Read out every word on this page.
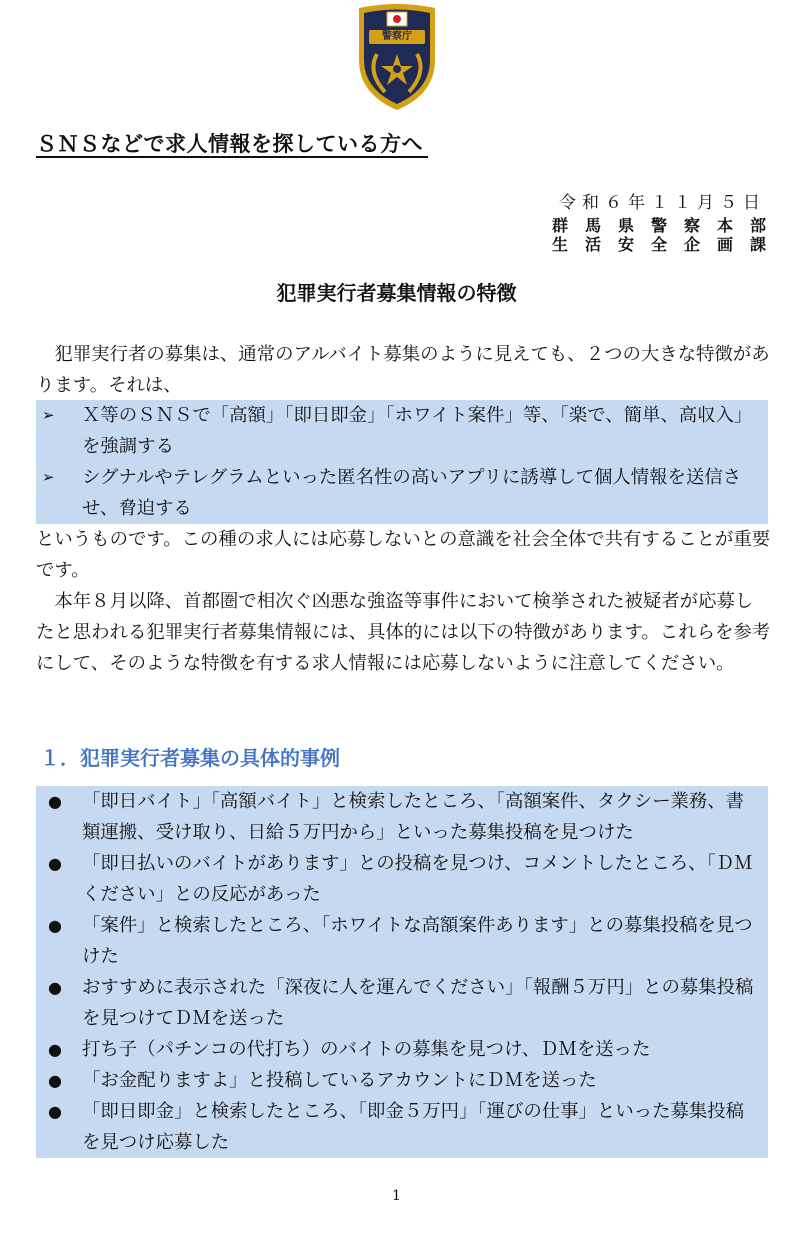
警察庁
ＳＮＳなどで求人情報を探している方へ
令和６年１１月５日
群馬県警察本部
生活安全企画課
犯罪実行者募集情報の特徴

　犯罪実行者の募集は、通常のアルバイト募集のように見えても、２つの大きな特徴があります。それは、

➢ Ｘ等のＳＮＳで「高額」「即日即金」「ホワイト案件」等、「楽で、簡単、高収入」を強調する
➢ シグナルやテレグラムといった匿名性の高いアプリに誘導して個人情報を送信させ、脅迫する

というものです。この種の求人には応募しないとの意識を社会全体で共有することが重要です。

　本年８月以降、首都圏で相次ぐ凶悪な強盗等事件において検挙された被疑者が応募したと思われる犯罪実行者募集情報には、具体的には以下の特徴があります。これらを参考にして、そのような特徴を有する求人情報には応募しないように注意してください。

１．犯罪実行者募集の具体的事例
● 「即日バイト」「高額バイト」と検索したところ、「高額案件、タクシー業務、書類運搬、受け取り、日給５万円から」といった募集投稿を見つけた
● 「即日払いのバイトがあります」との投稿を見つけ、コメントしたところ、「ＤＭください」との反応があった
● 「案件」と検索したところ、「ホワイトな高額案件あります」との募集投稿を見つけた
● おすすめに表示された「深夜に人を運んでください」「報酬５万円」との募集投稿を見つけてＤＭを送った
● 打ち子（パチンコの代打ち）のバイトの募集を見つけ、ＤＭを送った
● 「お金配りますよ」と投稿しているアカウントにＤＭを送った
● 「即日即金」と検索したところ、「即金５万円」「運びの仕事」といった募集投稿を見つけ応募した
1
